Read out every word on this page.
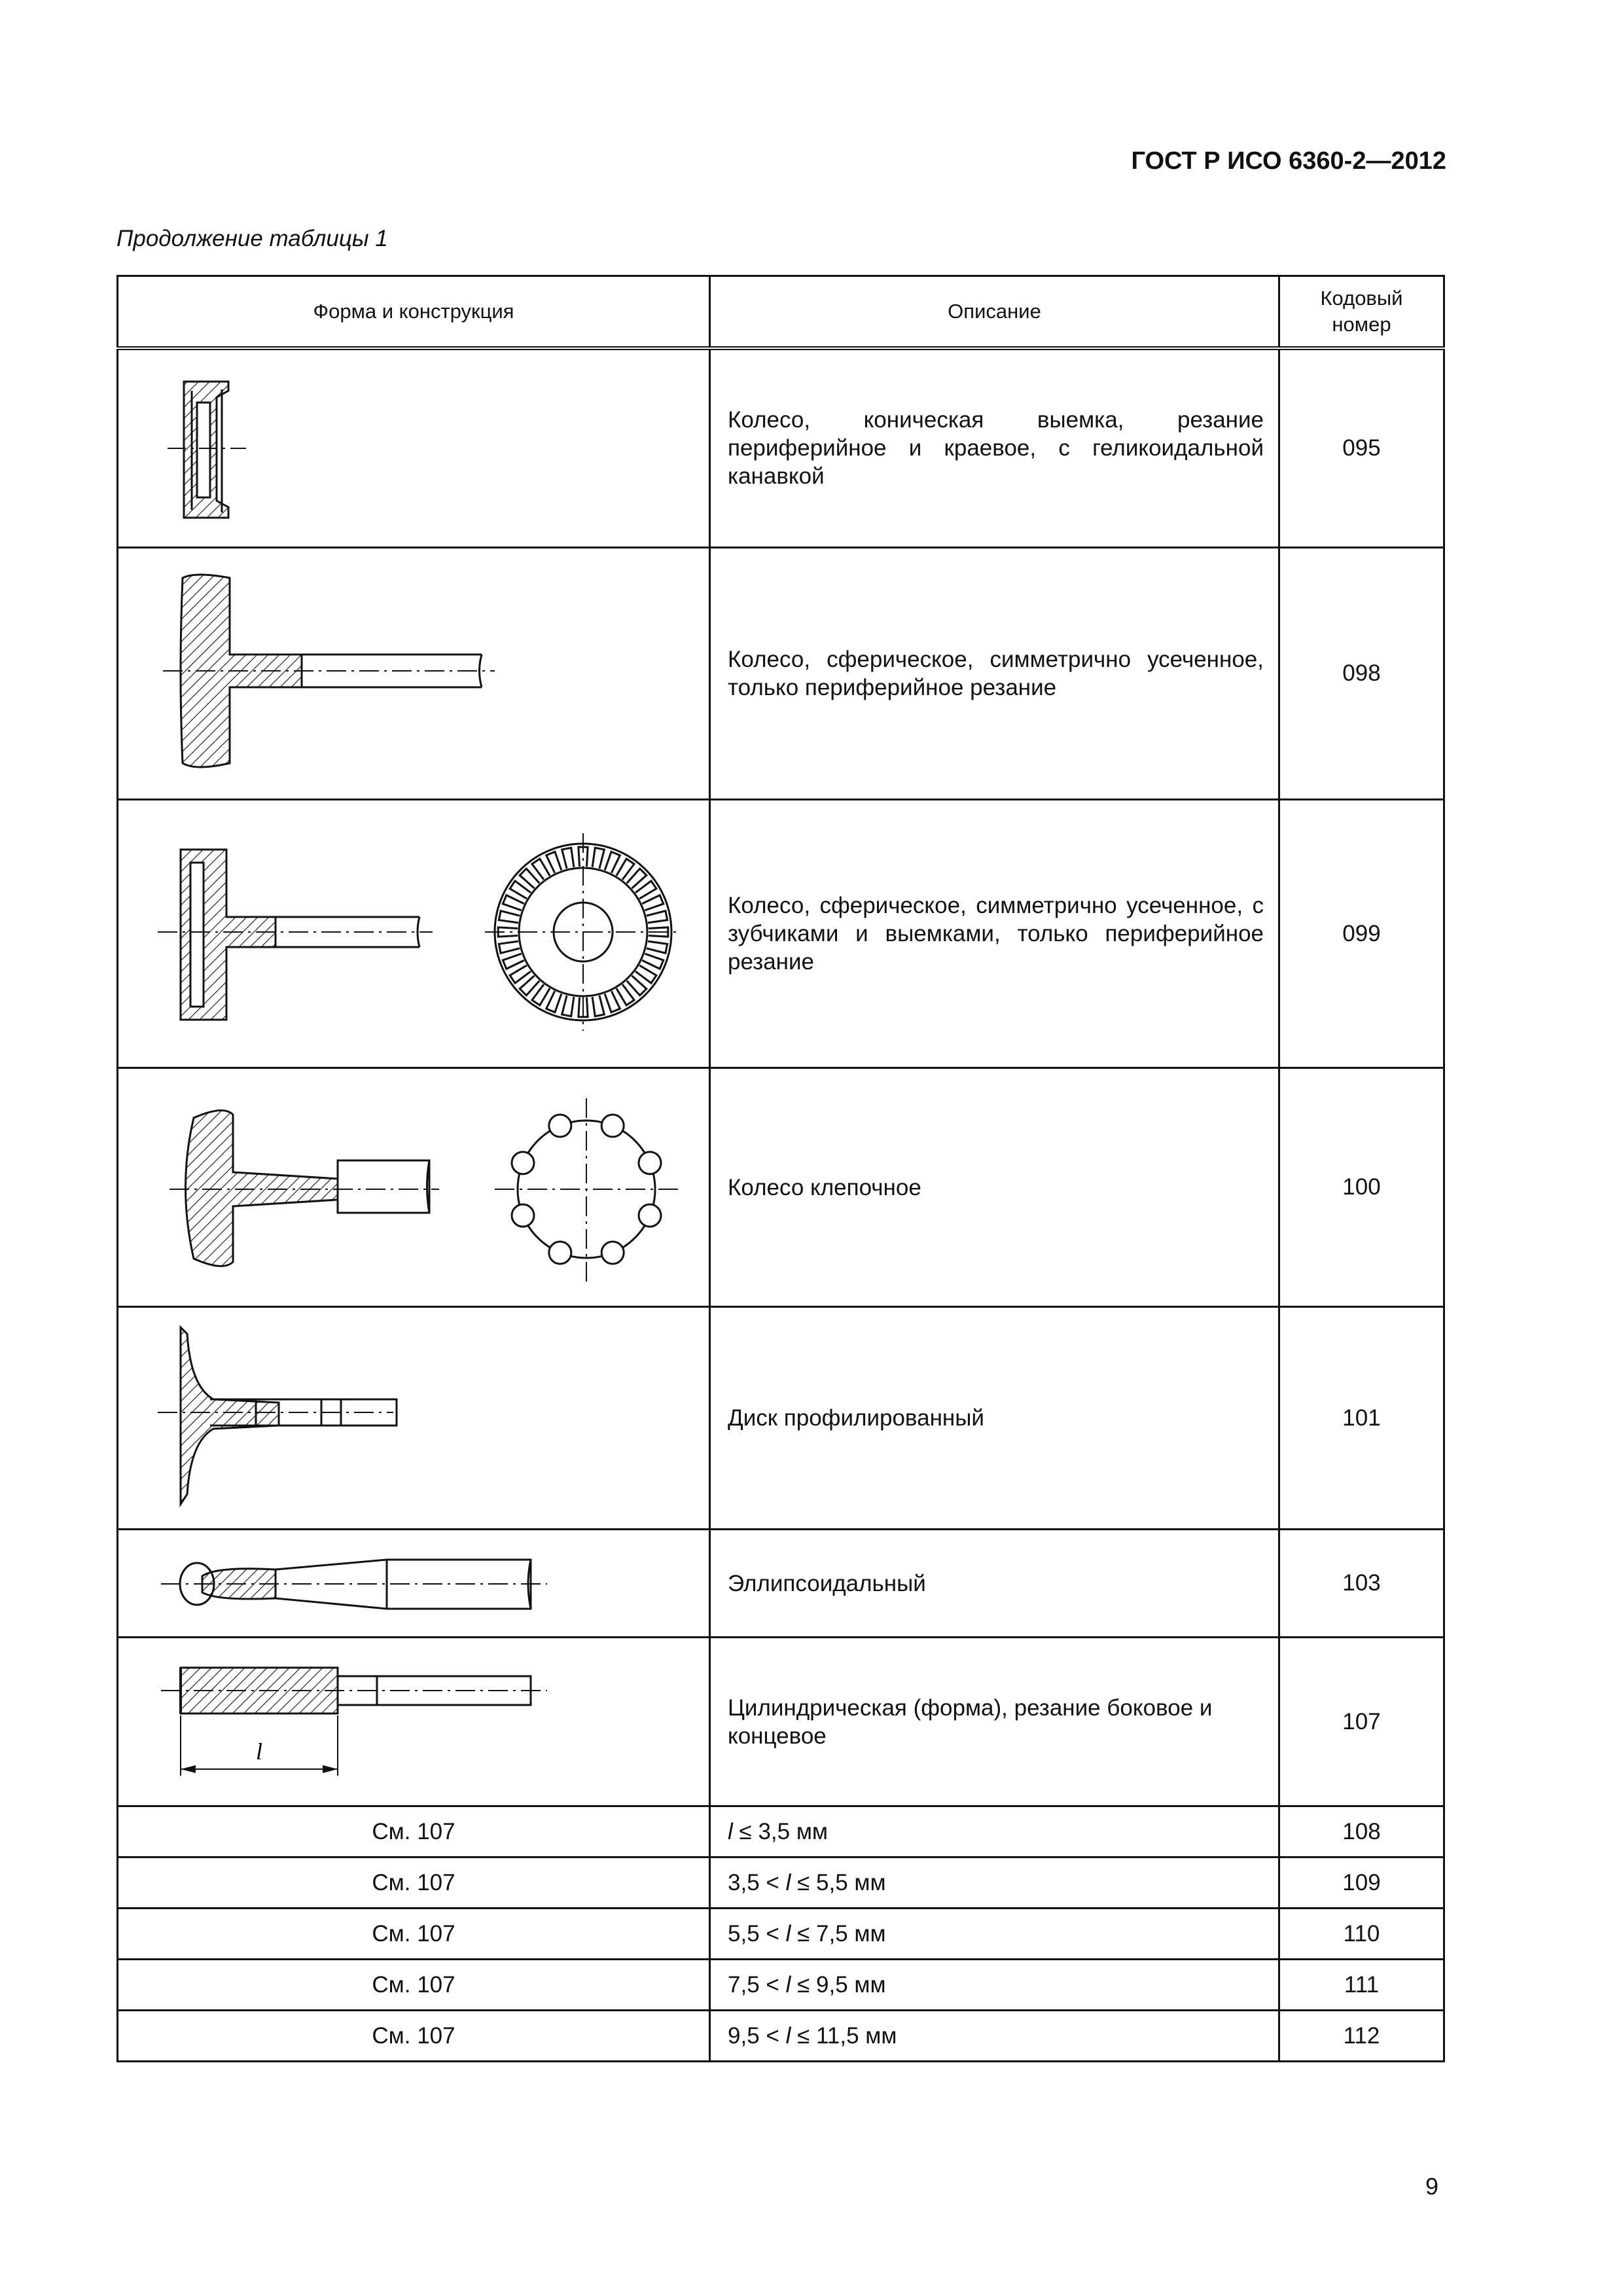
ГОСТ Р ИСО 6360-2—2012
Продолжение таблицы 1
Форма и конструкция	Описание	Кодовый номер

	Колесо, коническая выемка, резание периферийное и краевое, с геликоидальной канавкой	095

	Колесо, сферическое, симметрично усеченное, только периферийное резание	098

	Колесо, сферическое, симметрично усеченное, с зубчиками и выемками, только периферийное резание	099

	Колесо клепочное	100

	Диск профилированный	101

	Эллипсоидальный	103

l	Цилиндрическая (форма), резание боковое и концевое	107
См. 107	l ≤ 3,5 мм	108
См. 107	3,5 < l ≤ 5,5 мм	109
См. 107	5,5 < l ≤ 7,5 мм	110
См. 107	7,5 < l ≤ 9,5 мм	111
См. 107	9,5 < l ≤ 11,5 мм	112
9
